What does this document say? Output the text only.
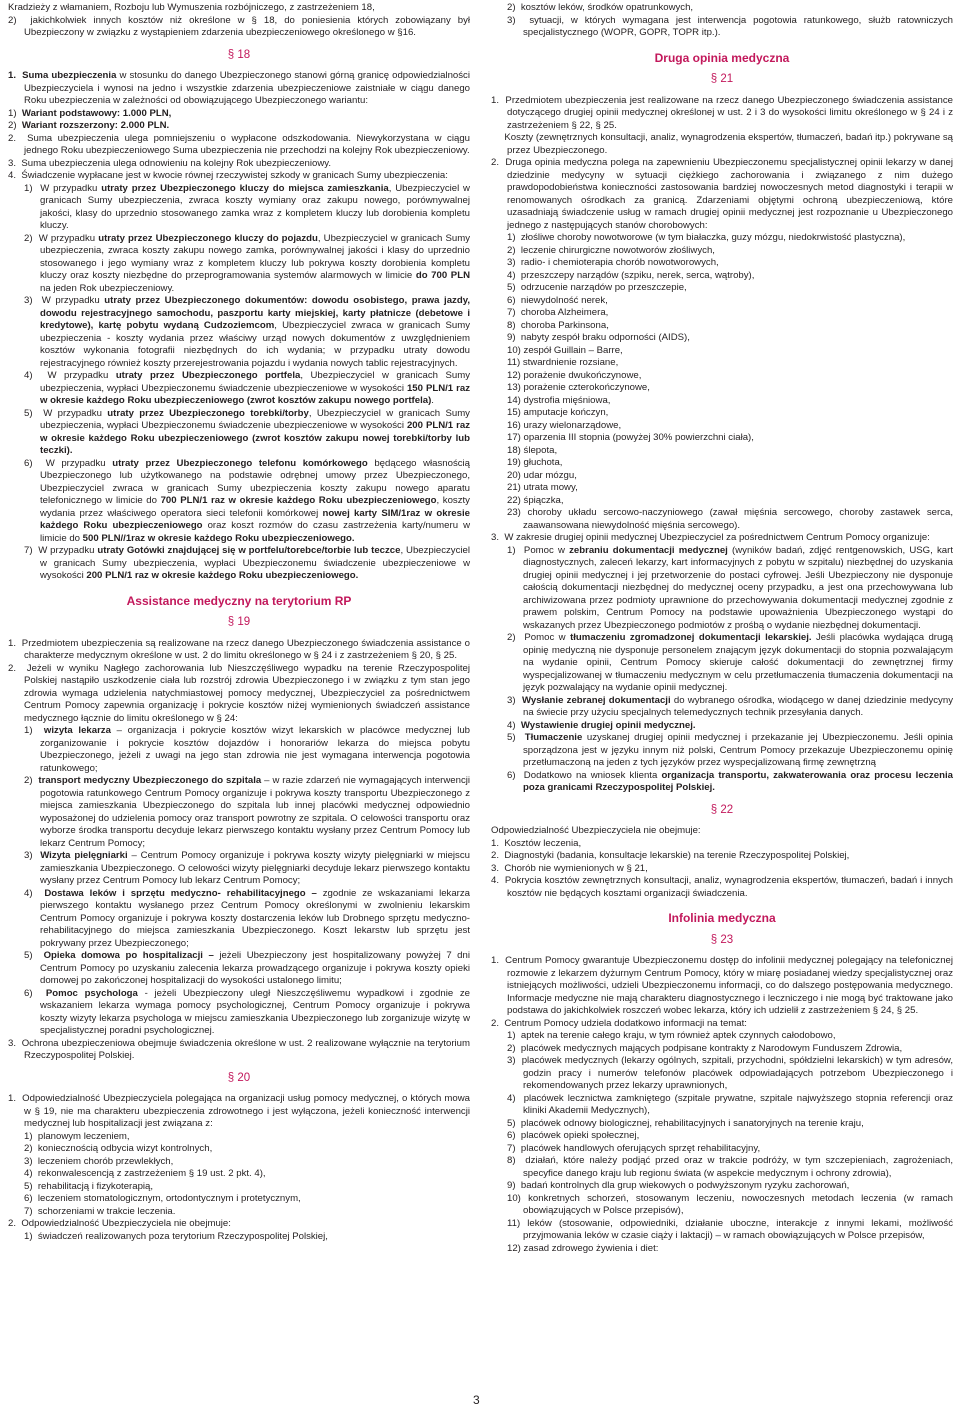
Kradzieży z włamaniem, Rozboju lub Wymuszenia rozbójniczego, z zastrzeżeniem 18,

2)  jakichkolwiek innych kosztów niż określone w § 18, do poniesienia których zobowiązany był Ubezpieczony w związku z wystąpieniem zdarzenia ubezpieczeniowego określonego w §16.

§ 18

1.  Suma ubezpieczenia w stosunku do danego Ubezpieczonego stanowi górną granicę odpowiedzialności Ubezpieczyciela i wynosi na jedno i wszystkie zdarzenia ubezpieczeniowe zaistniałe w ciągu danego Roku ubezpieczenia w zależności od obowiązującego Ubezpieczonego wariantu:

1)  Wariant podstawowy: 1.000 PLN,

2)  Wariant rozszerzony: 2.000 PLN.

2.  Suma ubezpieczenia ulega pomniejszeniu o wypłacone odszkodowania. Niewykorzystana w ciągu jednego Roku ubezpieczeniowego Suma ubezpieczenia nie przechodzi na kolejny Rok ubezpieczeniowy.

3.  Suma ubezpieczenia ulega odnowieniu na kolejny Rok ubezpieczeniowy.

4.  Świadczenie wypłacane jest w kwocie równej rzeczywistej szkody w granicach Sumy ubezpieczenia:

1)  W przypadku utraty przez Ubezpieczonego kluczy do miejsca zamieszkania, Ubezpieczyciel w granicach Sumy ubezpieczenia, zwraca koszty wymiany oraz zakupu nowego, porównywalnej jakości, klasy do uprzednio stosowanego zamka wraz z kompletem kluczy lub dorobienia kompletu kluczy.

2)  W przypadku utraty przez Ubezpieczonego kluczy do pojazdu, Ubezpieczyciel w granicach Sumy ubezpieczenia, zwraca koszty zakupu nowego zamka, porównywalnej jakości i klasy do uprzednio stosowanego i jego wymiany wraz z kompletem kluczy lub pokrywa koszty dorobienia kompletu kluczy oraz koszty niezbędne do przeprogramowania systemów alarmowych w limicie do 700 PLN na jeden Rok ubezpieczeniowy.

3)  W przypadku utraty przez Ubezpieczonego dokumentów: dowodu osobistego, prawa jazdy, dowodu rejestracyjnego samochodu, paszportu karty miejskiej, karty płatnicze (debetowe i kredytowe), kartę pobytu wydaną Cudzoziemcom, Ubezpieczyciel zwraca w granicach Sumy ubezpieczenia - koszty wydania przez właściwy urząd nowych dokumentów z uwzględnieniem kosztów wykonania fotografii niezbędnych do ich wydania; w przypadku utraty dowodu rejestracyjnego również koszty przerejestrowania pojazdu i wydania nowych tablic rejestracyjnych.

4)  W przypadku utraty przez Ubezpieczonego portfela, Ubezpieczyciel w granicach Sumy ubezpieczenia, wypłaci Ubezpieczonemu świadczenie ubezpieczeniowe w wysokości 150 PLN/1 raz w okresie każdego Roku ubezpieczeniowego (zwrot kosztów zakupu nowego portfela).

5)  W przypadku utraty przez Ubezpieczonego torebki/torby, Ubezpieczyciel w granicach Sumy ubezpieczenia, wypłaci Ubezpieczonemu świadczenie ubezpieczeniowe w wysokości 200 PLN/1 raz w okresie każdego Roku ubezpieczeniowego (zwrot kosztów zakupu nowej torebki/torby lub teczki).

6)  W przypadku utraty przez Ubezpieczonego telefonu komórkowego będącego własnością Ubezpieczonego lub użytkowanego na podstawie odrębnej umowy przez Ubezpieczonego, Ubezpieczyciel zwraca w granicach Sumy ubezpieczenia koszty zakupu nowego aparatu telefonicznego w limicie do 700 PLN/1 raz w okresie każdego Roku ubezpieczeniowego, koszty wydania przez właściwego operatora sieci telefonii komórkowej nowej karty SIM/1raz w okresie każdego Roku ubezpieczeniowego oraz koszt rozmów do czasu zastrzeżenia karty/numeru w limicie do 500 PLN//1raz w okresie każdego Roku ubezpieczeniowego.

7)  W przypadku utraty Gotówki znajdującej się w portfelu/torebce/torbie lub teczce, Ubezpieczyciel w granicach Sumy ubezpieczenia, wypłaci Ubezpieczonemu świadczenie ubezpieczeniowe w wysokości 200 PLN/1 raz w okresie każdego Roku ubezpieczeniowego.

Assistance medyczny na terytorium RP

§ 19

1.  Przedmiotem ubezpieczenia są realizowane na rzecz danego Ubezpieczonego świadczenia assistance o charakterze medycznym określone w ust. 2 do limitu określonego w § 24 i z zastrzeżeniem § 20, § 25.

2.  Jeżeli w wyniku Nagłego zachorowania lub Nieszczęśliwego wypadku na terenie Rzeczypospolitej Polskiej nastąpiło uszkodzenie ciała lub rozstrój zdrowia Ubezpieczonego i w związku z tym stan jego zdrowia wymaga udzielenia natychmiastowej pomocy medycznej, Ubezpieczyciel za pośrednictwem Centrum Pomocy zapewnia organizację i pokrycie kosztów niżej wymienionych świadczeń assistance medycznego łącznie do limitu określonego w § 24:

1)  wizyta lekarza – organizacja i pokrycie kosztów wizyt lekarskich w placówce medycznej lub zorganizowanie i pokrycie kosztów dojazdów i honorariów lekarza do miejsca pobytu Ubezpieczonego, jeżeli z uwagi na jego stan zdrowia nie jest wymagana interwencja pogotowia ratunkowego;

2)  transport medyczny Ubezpieczonego do szpitala – w razie zdarzeń nie wymagających interwencji pogotowia ratunkowego Centrum Pomocy organizuje i pokrywa koszty transportu Ubezpieczonego z miejsca zamieszkania Ubezpieczonego do szpitala lub innej placówki medycznej odpowiednio wyposażonej do udzielenia pomocy oraz transport powrotny ze szpitala. O celowości transportu oraz wyborze środka transportu decyduje lekarz pierwszego kontaktu wysłany przez Centrum Pomocy lub lekarz Centrum Pomocy;

3)  Wizyta pielęgniarki – Centrum Pomocy organizuje i pokrywa koszty wizyty pielęgniarki w miejscu zamieszkania Ubezpieczonego. O celowości wizyty pielęgniarki decyduje lekarz pierwszego kontaktu wysłany przez Centrum Pomocy lub lekarz Centrum Pomocy;

4)  Dostawa leków i sprzętu medyczno- rehabilitacyjnego – zgodnie ze wskazaniami lekarza pierwszego kontaktu wysłanego przez Centrum Pomocy określonymi w zwolnieniu lekarskim Centrum Pomocy organizuje i pokrywa koszty dostarczenia leków lub Drobnego sprzętu medyczno-rehabilitacyjnego do miejsca zamieszkania Ubezpieczonego. Koszt lekarstw lub sprzętu jest pokrywany przez Ubezpieczonego;

5)  Opieka domowa po hospitalizacji – jeżeli Ubezpieczony jest hospitalizowany powyżej 7 dni Centrum Pomocy po uzyskaniu zalecenia lekarza prowadzącego organizuje i pokrywa koszty opieki domowej po zakończonej hospitalizacji do wysokości ustalonego limitu;

6)  Pomoc psychologa - jeżeli Ubezpieczony uległ Nieszczęśliwemu wypadkowi i zgodnie ze wskazaniem lekarza wymaga pomocy psychologicznej, Centrum Pomocy organizuje i pokrywa koszty wizyty lekarza psychologa w miejscu zamieszkania Ubezpieczonego lub zorganizuje wizytę w specjalistycznej poradni psychologicznej.

3.  Ochrona ubezpieczeniowa obejmuje świadczenia określone w ust. 2 realizowane wyłącznie na terytorium Rzeczypospolitej Polskiej.

§ 20

1.  Odpowiedzialność Ubezpieczyciela polegająca na organizacji usług pomocy medycznej, o których mowa w § 19, nie ma charakteru ubezpieczenia zdrowotnego i jest wyłączona, jeżeli konieczność interwencji medycznej lub hospitalizacji jest związana z:

1)  planowym leczeniem,

2)  koniecznością odbycia wizyt kontrolnych,

3)  leczeniem chorób przewlekłych,

4)  rekonwalescencją z zastrzeżeniem § 19 ust. 2 pkt. 4),

5)  rehabilitacją i fizykoterapią,

6)  leczeniem stomatologicznym, ortodontycznym i protetycznym,

7)  schorzeniami w trakcie leczenia.

2.  Odpowiedzialność Ubezpieczyciela nie obejmuje:

1)  świadczeń realizowanych poza terytorium Rzeczypospolitej Polskiej,

2)  kosztów leków, środków opatrunkowych,

3)  sytuacji, w których wymagana jest interwencja pogotowia ratunkowego, służb ratowniczych specjalistycznego (WOPR, GOPR, TOPR itp.).

Druga opinia medyczna

§ 21

1.  Przedmiotem ubezpieczenia jest realizowane na rzecz danego Ubezpieczonego świadczenia assistance dotyczącego drugiej opinii medycznej określonej w ust. 2 i 3 do wysokości limitu określonego w § 24 i z zastrzeżeniem § 22, § 25.

Koszty (zewnętrznych konsultacji, analiz, wynagrodzenia ekspertów, tłumaczeń, badań itp.) pokrywane są przez Ubezpieczonego.

2.  Druga opinia medyczna polega na zapewnieniu Ubezpieczonemu specjalistycznej opinii lekarzy w danej dziedzinie medycyny w sytuacji ciężkiego zachorowania i związanego z nim dużego prawdopodobieństwa konieczności zastosowania bardziej nowoczesnych metod diagnostyki i terapii w renomowanych ośrodkach za granicą. Zdarzeniami objętymi ochroną ubezpieczeniową, które uzasadniają świadczenie usług w ramach drugiej opinii medycznej jest rozpoznanie u Ubezpieczonego jednego z następujących stanów chorobowych:

1)  złośliwe choroby nowotworowe (w tym białaczka, guzy mózgu, niedokrwistość plastyczna),

2)  leczenie chirurgiczne nowotworów złośliwych,

3)  radio- i chemioterapia chorób nowotworowych,

4)  przeszczepy narządów (szpiku, nerek, serca, wątroby),

5)  odrzucenie narządów po przeszczepie,

6)  niewydolność nerek,

7)  choroba Alzheimera,

8)  choroba Parkinsona,

9)  nabyty zespół braku odporności (AIDS),

10) zespół Guillain – Barre,

11) stwardnienie rozsiane,

12) porażenie dwukończynowe,

13) porażenie czterokończynowe,

14) dystrofia mięśniowa,

15) amputacje kończyn,

16) urazy wielonarządowe,

17) oparzenia III stopnia (powyżej 30% powierzchni ciała),

18) ślepota,

19) głuchota,

20) udar mózgu,

21) utrata mowy,

22) śpiączka,

23) choroby układu sercowo-naczyniowego (zawał mięśnia sercowego, choroby zastawek serca, zaawansowana niewydolność mięśnia sercowego).

3.  W zakresie drugiej opinii medycznej Ubezpieczyciel za pośrednictwem Centrum Pomocy organizuje:

1)  Pomoc w zebraniu dokumentacji medycznej (wyników badań, zdjęć rentgenowskich, USG, kart diagnostycznych, zaleceń lekarzy, kart informacyjnych z pobytu w szpitalu) niezbędnej do uzyskania drugiej opinii medycznej i jej przetworzenie do postaci cyfrowej. Jeśli Ubezpieczony nie dysponuje całością dokumentacji niezbędnej do medycznej oceny przypadku, a jest ona przechowywana lub archiwizowana przez podmioty uprawnione do przechowywania dokumentacji medycznej zgodnie z prawem polskim, Centrum Pomocy na podstawie upoważnienia Ubezpieczonego wystąpi do wskazanych przez Ubezpieczonego podmiotów z prośbą o wydanie niezbędnej dokumentacji.

2)  Pomoc w tłumaczeniu zgromadzonej dokumentacji lekarskiej. Jeśli placówka wydająca drugą opinię medyczną nie dysponuje personelem znającym język dokumentacji do stopnia pozwalającym na wydanie opinii, Centrum Pomocy skieruje całość dokumentacji do zewnętrznej firmy wyspecjalizowanej w tłumaczeniu medycznym w celu przetłumaczenia tłumaczenia dokumentacji na język pozwalający na wydanie opinii medycznej.

3)  Wysłanie zebranej dokumentacji do wybranego ośrodka, wiodącego w danej dziedzinie medycyny na świecie przy użyciu specjalnych telemedycznych technik przesyłania danych.

4)  Wystawienie drugiej opinii medycznej.

5)  Tłumaczenie uzyskanej drugiej opinii medycznej i przekazanie jej Ubezpieczonemu. Jeśli opinia sporządzona jest w języku innym niż polski, Centrum Pomocy przekazuje Ubezpieczonemu opinię przetłumaczoną na jeden z tych języków przez wyspecjalizowaną firmę zewnętrzną

6)  Dodatkowo na wniosek klienta organizacja transportu, zakwaterowania oraz procesu leczenia poza granicami Rzeczypospolitej Polskiej.

§ 22

Odpowiedzialność Ubezpieczyciela nie obejmuje:

1.  Kosztów leczenia,

2.  Diagnostyki (badania, konsultacje lekarskie) na terenie Rzeczypospolitej Polskiej,

3.  Chorób nie wymienionych w § 21,

4.  Pokrycia kosztów zewnętrznych konsultacji, analiz, wynagrodzenia ekspertów, tłumaczeń, badań i innych kosztów nie będących kosztami organizacji świadczenia.

Infolinia medyczna

§ 23

1.  Centrum Pomocy gwarantuje Ubezpieczonemu dostęp do infolinii medycznej polegający na telefonicznej rozmowie z lekarzem dyżurnym Centrum Pomocy, który w miarę posiadanej wiedzy specjalistycznej oraz istniejących możliwości, udzieli Ubezpieczonemu informacji, co do dalszego postępowania medycznego. Informacje medyczne nie mają charakteru diagnostycznego i leczniczego i nie mogą być traktowane jako podstawa do jakichkolwiek roszczeń wobec lekarza, który ich udzielił z zastrzeżeniem § 24, § 25.

2.  Centrum Pomocy udziela dodatkowo informacji na temat:

1)  aptek na terenie całego kraju, w tym również aptek czynnych całodobowo,

2)  placówek medycznych mających podpisane kontrakty z Narodowym Funduszem Zdrowia,

3)  placówek medycznych (lekarzy ogólnych, szpitali, przychodni, spółdzielni lekarskich) w tym adresów, godzin pracy i numerów telefonów placówek odpowiadających potrzebom Ubezpieczonego i rekomendowanych przez lekarzy uprawnionych,

4)  placówek lecznictwa zamkniętego (szpitale prywatne, szpitale najwyższego stopnia referencji oraz kliniki Akademii Medycznych),

5)  placówek odnowy biologicznej, rehabilitacyjnych i sanatoryjnych na terenie kraju,

6)  placówek opieki społecznej,

7)  placówek handlowych oferujących sprzęt rehabilitacyjny,

8)  działań, które należy podjąć przed oraz w trakcie podróży, w tym szczepieniach, zagrożeniach, specyfice danego kraju lub regionu świata (w aspekcie medycznym i ochrony zdrowia),

9)  badań kontrolnych dla grup wiekowych o podwyższonym ryzyku zachorowań,

10) konkretnych schorzeń, stosowanym leczeniu, nowoczesnych metodach leczenia (w ramach obowiązujących w Polsce przepisów),

11) leków (stosowanie, odpowiedniki, działanie uboczne, interakcje z innymi lekami, możliwość przyjmowania leków w czasie ciąży i laktacji) – w ramach obowiązujących w Polsce przepisów,

12) zasad zdrowego żywienia i diet:

3
